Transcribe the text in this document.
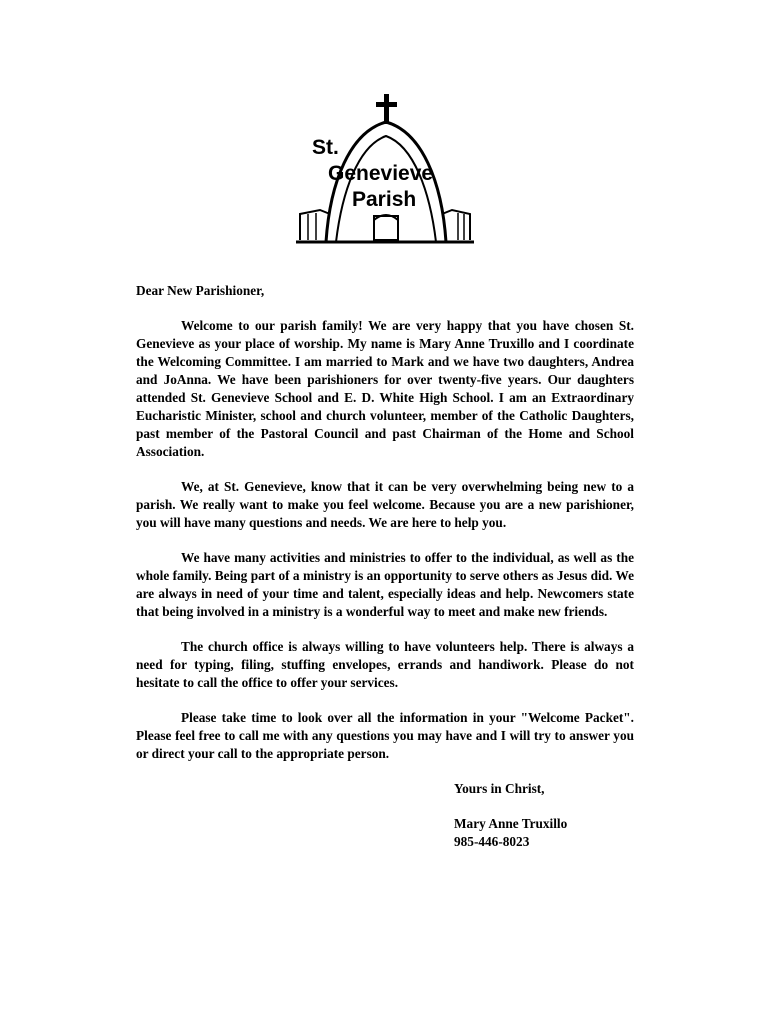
St.
Genevieve
Parish

Dear New Parishioner,

Welcome to our parish family! We are very happy that you have chosen St. Genevieve as your place of worship. My name is Mary Anne Truxillo and I coordinate the Welcoming Committee. I am married to Mark and we have two daughters, Andrea and JoAnna. We have been parishioners for over twenty-five years. Our daughters attended St. Genevieve School and E. D. White High School. I am an Extraordinary Eucharistic Minister, school and church volunteer, member of the Catholic Daughters, past member of the Pastoral Council and past Chairman of the Home and School Association.

We, at St. Genevieve, know that it can be very overwhelming being new to a parish. We really want to make you feel welcome. Because you are a new parishioner, you will have many questions and needs. We are here to help you.

We have many activities and ministries to offer to the individual, as well as the whole family. Being part of a ministry is an opportunity to serve others as Jesus did. We are always in need of your time and talent, especially ideas and help. Newcomers state that being involved in a ministry is a wonderful way to meet and make new friends.

The church office is always willing to have volunteers help. There is always a need for typing, filing, stuffing envelopes, errands and handiwork. Please do not hesitate to call the office to offer your services.

Please take time to look over all the information in your "Welcome Packet". Please feel free to call me with any questions you may have and I will try to answer you or direct your call to the appropriate person.

Yours in Christ,
Mary Anne Truxillo
985-446-8023
